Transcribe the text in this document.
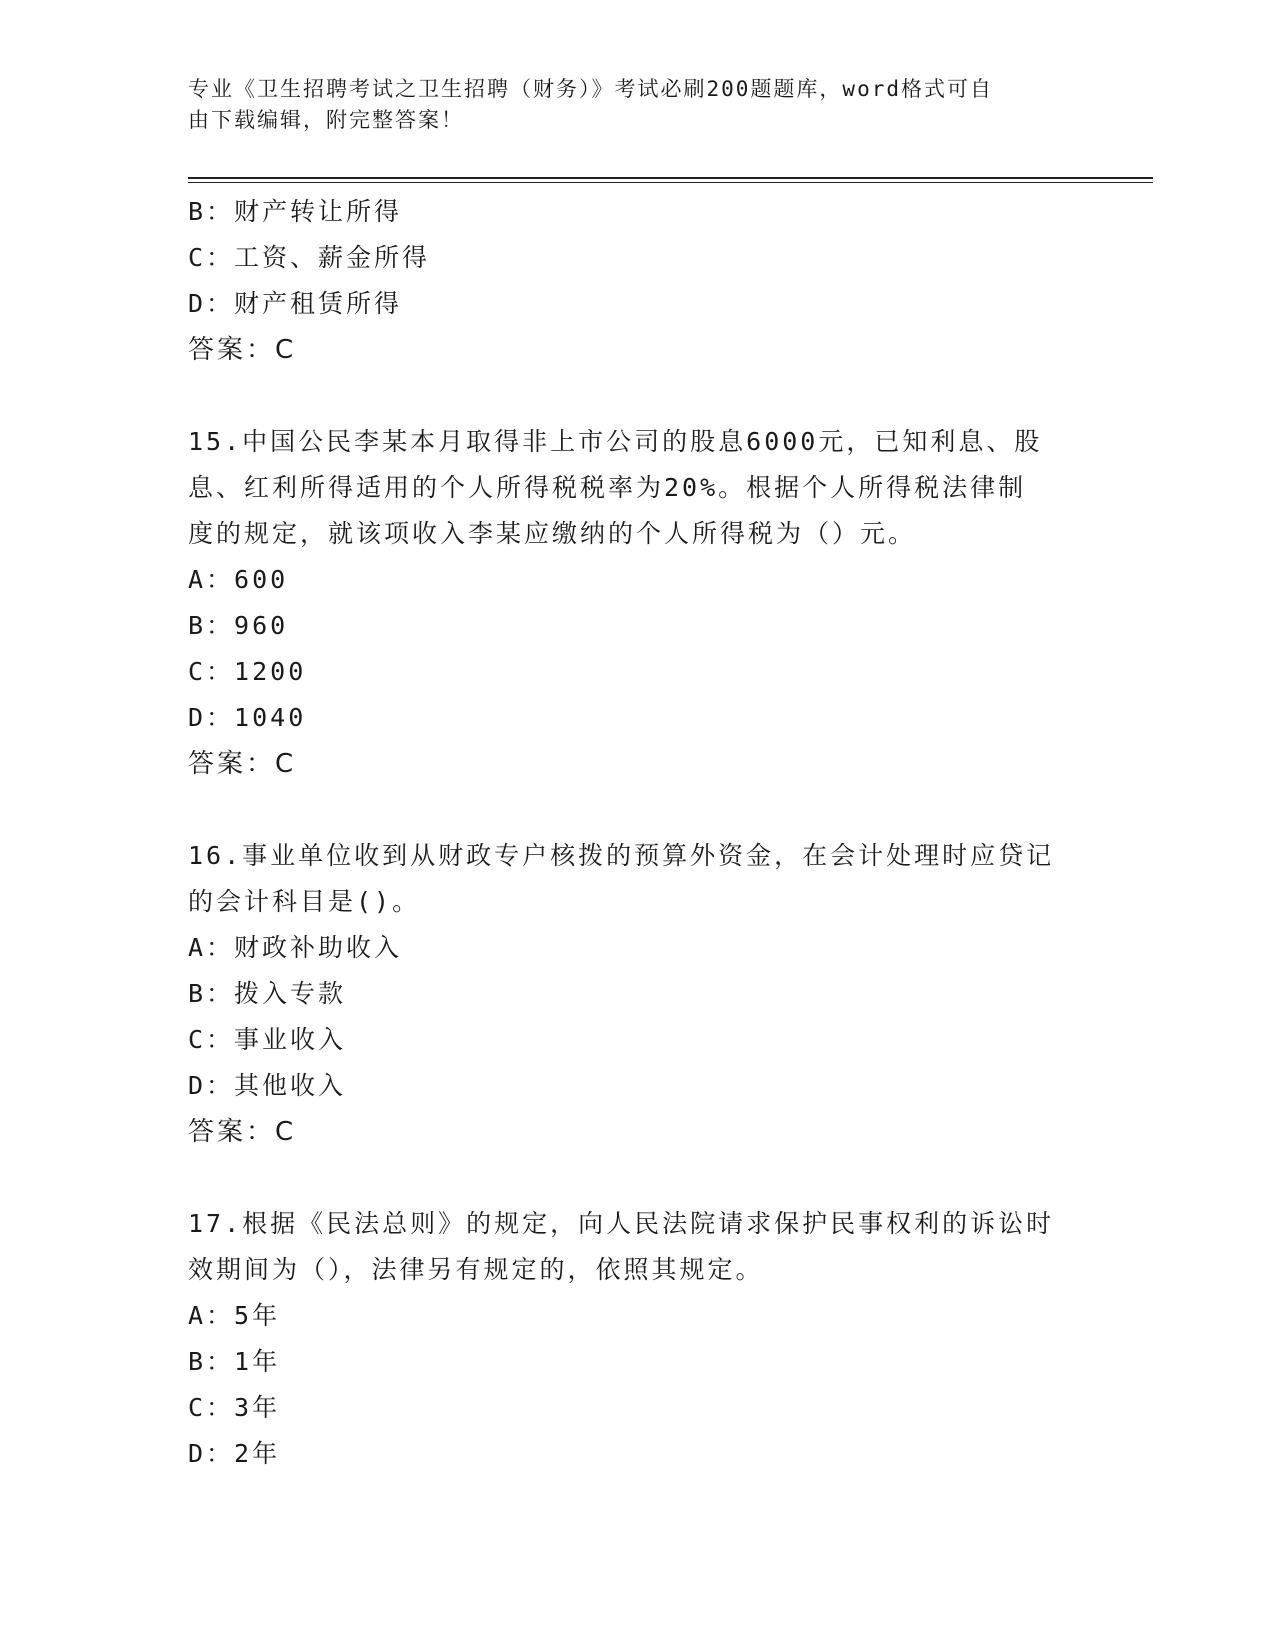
专业《卫生招聘考试之卫生招聘（财务）》考试必刷200题题库，word格式可自
由下载编辑，附完整答案！
B：财产转让所得
C：工资、薪金所得
D：财产租赁所得
答案：C
15.中国公民李某本月取得非上市公司的股息6000元，已知利息、股
息、红利所得适用的个人所得税税率为20%。根据个人所得税法律制
度的规定，就该项收入李某应缴纳的个人所得税为（）元。
A：600
B：960
C：1200
D：1040
答案：C
16.事业单位收到从财政专户核拨的预算外资金，在会计处理时应贷记
的会计科目是()。
A：财政补助收入
B：拨入专款
C：事业收入
D：其他收入
答案：C
17.根据《民法总则》的规定，向人民法院请求保护民事权利的诉讼时
效期间为（），法律另有规定的，依照其规定。
A：5年
B：1年
C：3年
D：2年
